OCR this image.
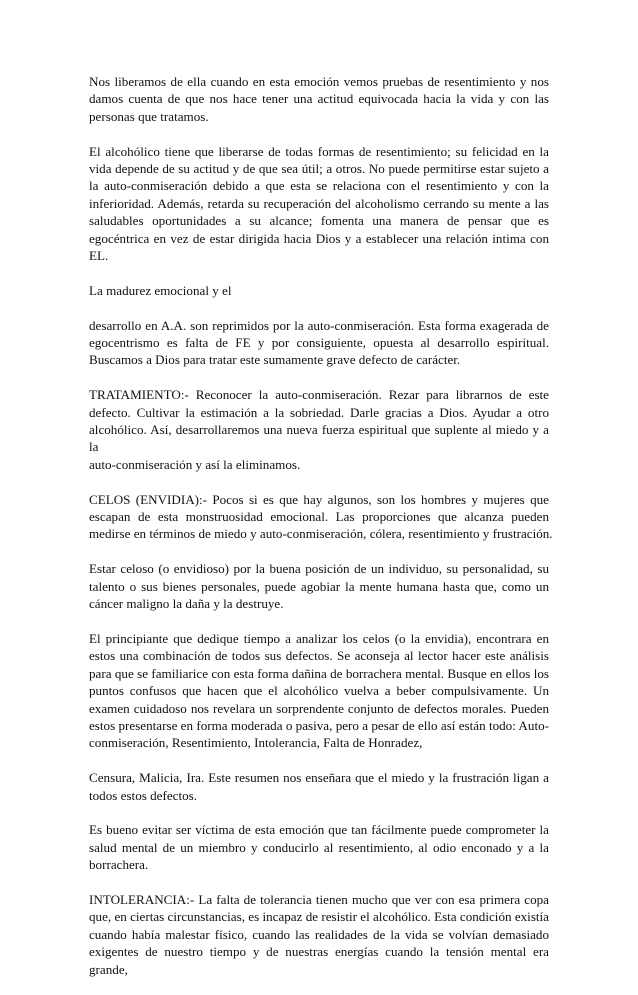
Nos liberamos de ella cuando en esta emoción vemos pruebas de resentimiento y nos
damos cuenta de que nos hace tener una actitud equivocada hacia la vida y con las
personas que tratamos.

El alcohólico tiene que liberarse de todas formas de resentimiento; su felicidad en la
vida depende de su actitud y de que sea útil; a otros. No puede permitirse estar sujeto a
la auto-conmiseración debido a que esta se relaciona con el resentimiento y con la
inferioridad. Además, retarda su recuperación del alcoholismo cerrando su mente a las
saludables oportunidades a su alcance; fomenta una manera de pensar que es
egocéntrica en vez de estar dirigida hacia Dios y a establecer una relación intima con
EL.

La madurez emocional y el

desarrollo en A.A. son reprimidos por la auto-conmiseración. Esta forma exagerada de
egocentrismo es falta de FE y por consiguiente, opuesta al desarrollo espiritual.
Buscamos a Dios para tratar este sumamente grave defecto de carácter.

TRATAMIENTO:- Reconocer la auto-conmiseración. Rezar para librarnos de este
defecto. Cultivar la estimación a la sobriedad. Darle gracias a Dios. Ayudar a otro
alcohólico. Así, desarrollaremos una nueva fuerza espiritual que suplente al miedo y a la
auto-conmiseración y así la eliminamos.

CELOS (ENVIDIA):- Pocos si es que hay algunos, son los hombres y mujeres que
escapan de esta monstruosidad emocional. Las proporciones que alcanza pueden
medirse en términos de miedo y auto-conmiseración, cólera, resentimiento y frustración.

Estar celoso (o envidioso) por la buena posición de un individuo, su personalidad, su
talento o sus bienes personales, puede agobiar la mente humana hasta que, como un
cáncer maligno la daña y la destruye.

El principiante que dedique tiempo a analizar los celos (o la envidia), encontrara en
estos una combinación de todos sus defectos. Se aconseja al lector hacer este análisis
para que se familiarice con esta forma dañina de borrachera mental. Busque en ellos los
puntos confusos que hacen que el alcohólico vuelva a beber compulsivamente. Un
examen cuidadoso nos revelara un sorprendente conjunto de defectos morales. Pueden
estos presentarse en forma moderada o pasiva, pero a pesar de ello así están todo: Auto-
conmiseración, Resentimiento, Intolerancia, Falta de Honradez,

Censura, Malicia, Ira. Este resumen nos enseñara que el miedo y la frustración ligan a
todos estos defectos.

Es bueno evitar ser víctima de esta emoción que tan fácilmente puede comprometer la
salud mental de un miembro y conducirlo al resentimiento, al odio enconado y a la
borrachera.

INTOLERANCIA:- La falta de tolerancia tienen mucho que ver con esa primera copa
que, en ciertas circunstancias, es incapaz de resistir el alcohólico. Esta condición existía
cuando había malestar físico, cuando las realidades de la vida se volvían demasiado
exigentes de nuestro tiempo y de nuestras energías cuando la tensión mental era grande,
